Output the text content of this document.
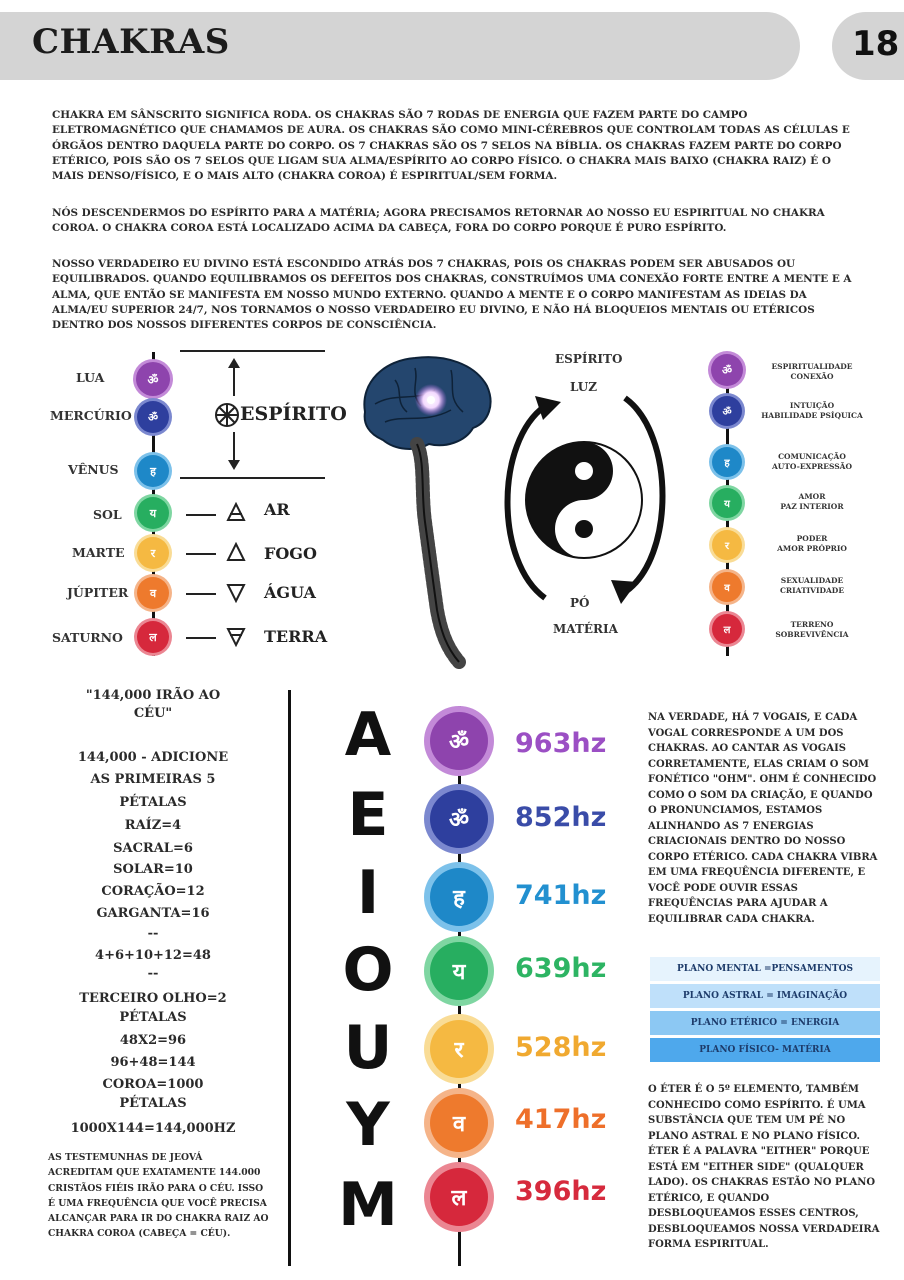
CHAKRAS	18

CHAKRA EM SÂNSCRITO SIGNIFICA RODA. OS CHAKRAS SÃO 7 RODAS DE ENERGIA QUE FAZEM PARTE DO CAMPO ELETROMAGNÉTICO QUE CHAMAMOS DE AURA. OS CHAKRAS SÃO COMO MINI-CÉREBROS QUE CONTROLAM TODAS AS CÉLULAS E ÓRGÃOS DENTRO DAQUELA PARTE DO CORPO. OS 7 CHAKRAS SÃO OS 7 SELOS NA BÍBLIA. OS CHAKRAS FAZEM PARTE DO CORPO ETÉRICO, POIS SÃO OS 7 SELOS QUE LIGAM SUA ALMA/ESPÍRITO AO CORPO FÍSICO. O CHAKRA MAIS BAIXO (CHAKRA RAIZ) É O MAIS DENSO/FÍSICO, E O MAIS ALTO (CHAKRA COROA) É ESPIRITUAL/SEM FORMA.

NÓS DESCENDERMOS DO ESPÍRITO PARA A MATÉRIA; AGORA PRECISAMOS RETORNAR AO NOSSO EU ESPIRITUAL NO CHAKRA COROA. O CHAKRA COROA ESTÁ LOCALIZADO ACIMA DA CABEÇA, FORA DO CORPO PORQUE É PURO ESPÍRITO.

NOSSO VERDADEIRO EU DIVINO ESTÁ ESCONDIDO ATRÁS DOS 7 CHAKRAS, POIS OS CHAKRAS PODEM SER ABUSADOS OU EQUILIBRADOS. QUANDO EQUILIBRAMOS OS DEFEITOS DOS CHAKRAS, CONSTRUÍMOS UMA CONEXÃO FORTE ENTRE A MENTE E A ALMA, QUE ENTÃO SE MANIFESTA EM NOSSO MUNDO EXTERNO. QUANDO A MENTE E O CORPO MANIFESTAM AS IDEIAS DA ALMA/EU SUPERIOR 24/7, NOS TORNAMOS O NOSSO VERDADEIRO EU DIVINO, E NÃO HÁ BLOQUEIOS MENTAIS OU ETÉRICOS DENTRO DOS NOSSOS DIFERENTES CORPOS DE CONSCIÊNCIA.

LUA
MERCÚRIO
VÊNUS
SOL
MARTE
JÚPITER
SATURNO
ॐ
ॐ
ह
य
र
व
ल
ESPÍRITO
AR
FOGO
ÁGUA
TERRA
ESPÍRITO
LUZ
PÓ
MATÉRIA
ॐ
ॐ
ह
य
र
व
ल
ESPIRITUALIDADE
CONEXÃO
INTUIÇÃO
HABILIDADE PSÍQUICA
COMUNICAÇÃO
AUTO-EXPRESSÃO
AMOR
PAZ INTERIOR
PODER
AMOR PRÓPRIO
SEXUALIDADE
CRIATIVIDADE
TERRENO
SOBREVIVÊNCIA
"144,000 IRÃO AO
CÉU"
144,000 - ADICIONE
AS PRIMEIRAS 5
PÉTALAS
RAÍZ=4
SACRAL=6
SOLAR=10
CORAÇÃO=12
GARGANTA=16
--
4+6+10+12=48
--
TERCEIRO OLHO=2
PÉTALAS
48X2=96
96+48=144
COROA=1000
PÉTALAS
1000X144=144,000HZ

AS TESTEMUNHAS DE JEOVÁ ACREDITAM QUE EXATAMENTE 144.000 CRISTÃOS FIÉIS IRÃO PARA O CÉU. ISSO É UMA FREQUÊNCIA QUE VOCÊ PRECISA ALCANÇAR PARA IR DO CHAKRA RAIZ AO CHAKRA COROA (CABEÇA = CÉU).

A
E
I
O
U
Y
M
ॐ
ॐ
ह
य
र
व
ल
963hz
852hz
741hz
639hz
528hz
417hz
396hz

NA VERDADE, HÁ 7 VOGAIS, E CADA VOGAL CORRESPONDE A UM DOS CHAKRAS. AO CANTAR AS VOGAIS CORRETAMENTE, ELAS CRIAM O SOM FONÉTICO "OHM". OHM É CONHECIDO COMO O SOM DA CRIAÇÃO, E QUANDO O PRONUNCIAMOS, ESTAMOS ALINHANDO AS 7 ENERGIAS CRIACIONAIS DENTRO DO NOSSO CORPO ETÉRICO. CADA CHAKRA VIBRA EM UMA FREQUÊNCIA DIFERENTE, E VOCÊ PODE OUVIR ESSAS FREQUÊNCIAS PARA AJUDAR A EQUILIBRAR CADA CHAKRA.

PLANO MENTAL =PENSAMENTOS
PLANO ASTRAL = IMAGINAÇÃO
PLANO ETÉRICO = ENERGIA
PLANO FÍSICO- MATÉRIA

O ÉTER É O 5º ELEMENTO, TAMBÉM CONHECIDO COMO ESPÍRITO. É UMA SUBSTÂNCIA QUE TEM UM PÉ NO PLANO ASTRAL E NO PLANO FÍSICO. ÉTER É A PALAVRA "EITHER" PORQUE ESTÁ EM "EITHER SIDE" (QUALQUER LADO). OS CHAKRAS ESTÃO NO PLANO ETÉRICO, E QUANDO DESBLOQUEAMOS ESSES CENTROS, DESBLOQUEAMOS NOSSA VERDADEIRA FORMA ESPIRITUAL.
